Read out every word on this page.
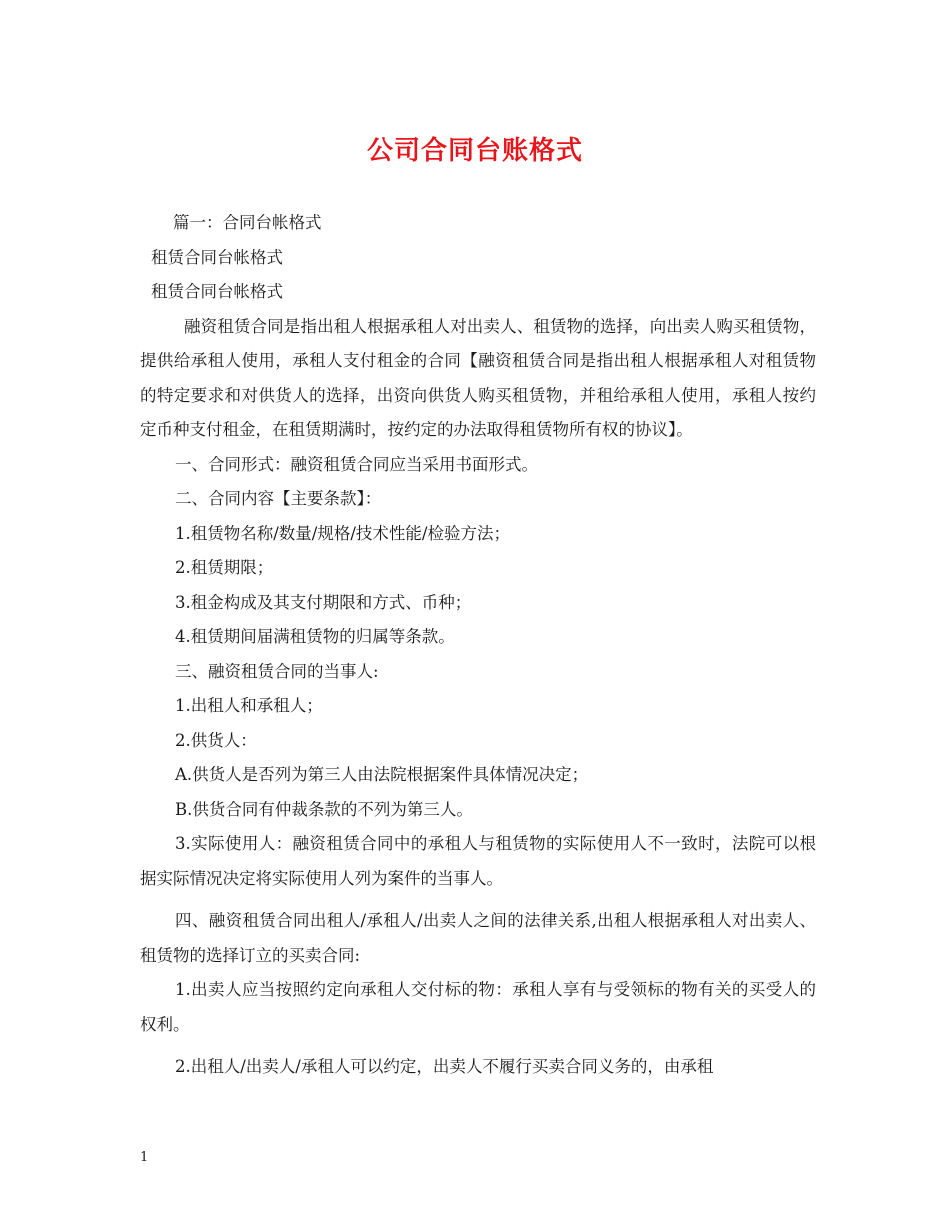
公司合同台账格式

篇一：合同台帐格式

租赁合同台帐格式

租赁合同台帐格式

融资租赁合同是指出租人根据承租人对出卖人、租赁物的选择，向出卖人购买租赁物，提供给承租人使用，承租人支付租金的合同【融资租赁合同是指出租人根据承租人对租赁物的特定要求和对供货人的选择，出资向供货人购买租赁物，并租给承租人使用，承租人按约定币种支付租金，在租赁期满时，按约定的办法取得租赁物所有权的协议】。

一、合同形式：融资租赁合同应当采用书面形式。

二、合同内容【主要条款】：

1.租赁物名称/数量/规格/技术性能/检验方法；

2.租赁期限；

3.租金构成及其支付期限和方式、币种；

4.租赁期间届满租赁物的归属等条款。

三、融资租赁合同的当事人:

1.出租人和承租人；

2.供货人：

A.供货人是否列为第三人由法院根据案件具体情况决定；

B.供货合同有仲裁条款的不列为第三人。

3.实际使用人：融资租赁合同中的承租人与租赁物的实际使用人不一致时，法院可以根据实际情况决定将实际使用人列为案件的当事人。

四、融资租赁合同出租人/承租人/出卖人之间的法律关系,出租人根据承租人对出卖人、租赁物的选择订立的买卖合同:

1.出卖人应当按照约定向承租人交付标的物：承租人享有与受领标的物有关的买受人的权利。

2.出租人/出卖人/承租人可以约定，出卖人不履行买卖合同义务的，由承租

1
